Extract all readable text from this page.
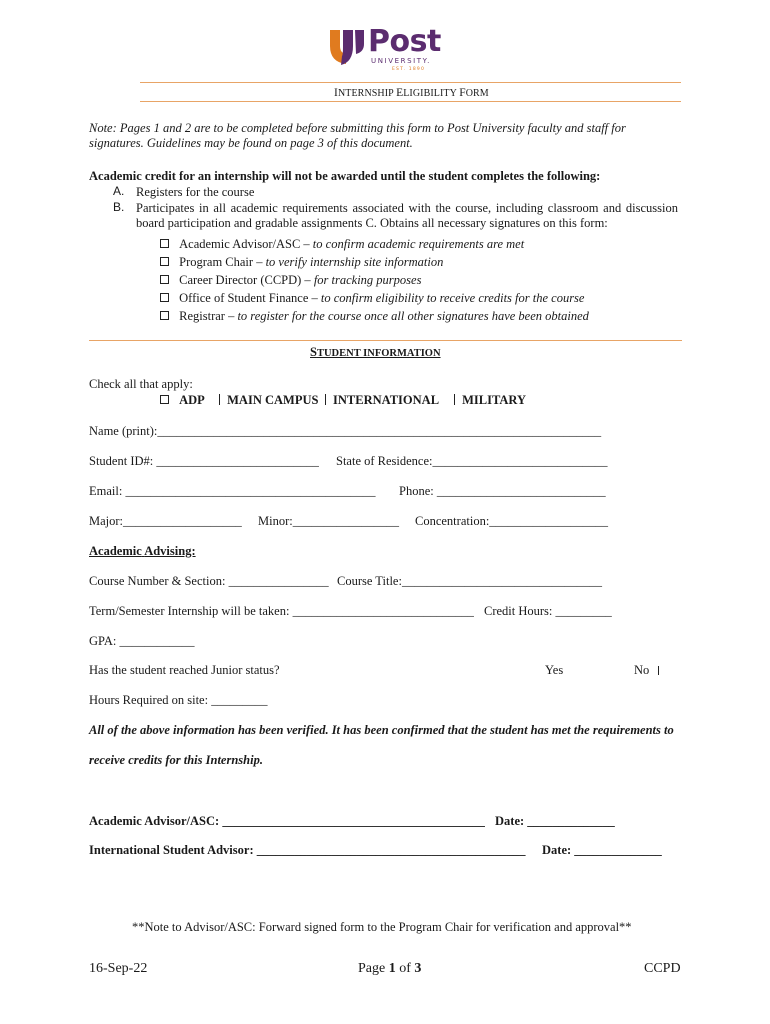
Post
UNIVERSITY.
EST. 1890
INTERNSHIP ELIGIBILITY FORM
Note: Pages 1 and 2 are to be completed before submitting this form to Post University faculty and staff for
signatures. Guidelines may be found on page 3 of this document.
Academic credit for an internship will not be awarded until the student completes the following:
A. Registers for the course
B. Participates in all academic requirements associated with the course, including classroom and discussion
board participation and gradable assignments C. Obtains all necessary signatures on this form:
Academic Advisor/ASC – to confirm academic requirements are met
Program Chair – to verify internship site information
Career Director (CCPD) – for tracking purposes
Office of Student Finance – to confirm eligibility to receive credits for the course
Registrar – to register for the course once all other signatures have been obtained
STUDENT INFORMATION
Check all that apply:
ADP	MAIN CAMPUS	INTERNATIONAL	MILITARY
Name (print):_______________________________________________________________________
Student ID#: __________________________ State of Residence:____________________________
Email: ________________________________________ Phone: ___________________________
Major:___________________ Minor:_________________ Concentration:___________________
Academic Advising:
Course Number & Section: ________________ Course Title:________________________________
Term/Semester Internship will be taken: _____________________________ Credit Hours: _________
GPA: ____________
Has the student reached Junior status?	Yes	No
Hours Required on site: _________
All of the above information has been verified. It has been confirmed that the student has met the requirements to
receive credits for this Internship.
Academic Advisor/ASC: __________________________________________ Date: ______________
International Student Advisor: ___________________________________________ Date: ______________
**Note to Advisor/ASC: Forward signed form to the Program Chair for verification and approval**
16-Sep-22	Page 1 of 3	CCPD
